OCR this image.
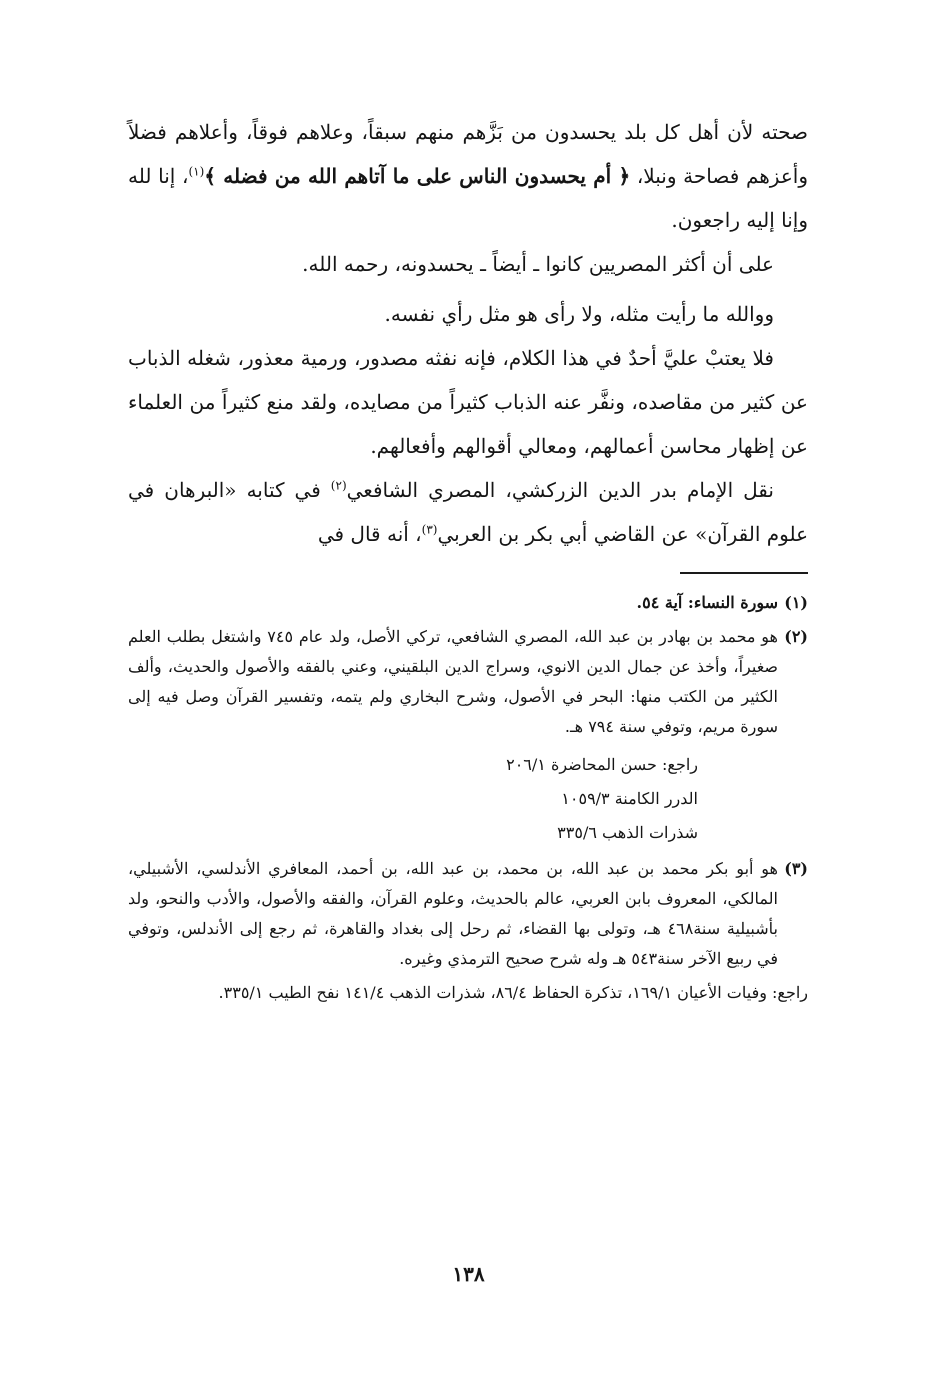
صحته لأن أهل كل بلد يحسدون من بَزَّهم منهم سبقاً، وعلاهم فوقاً، وأعلاهم فضلاً وأعزهم فصاحة ونبلا، ﴿ أم يحسدون الناس على ما آتاهم الله من فضله ﴾$^{(١)}$، إنا لله وإنا إليه راجعون.

على أن أكثر المصريين كانوا ـ أيضاً ـ يحسدونه، رحمه الله.

ووالله ما رأيت مثله، ولا رأى هو مثل رأي نفسه.

فلا يعتبْ عليَّ أحدٌ في هذا الكلام، فإنه نفثه مصدور، ورمية معذور، شغله الذباب عن كثير من مقاصده، ونفَّر عنه الذباب كثيراً من مصايده، ولقد منع كثيراً من العلماء عن إظهار محاسن أعمالهم، ومعالي أقوالهم وأفعالهم.

نقل الإمام بدر الدين الزركشي، المصري الشافعي$^{(٢)}$ في كتابه «البرهان في علوم القرآن» عن القاضي أبي بكر بن العربي$^{(٣)}$، أنه قال في

(١)

سورة النساء: آية ٥٤.

(٢)

هو محمد بن بهادر بن عبد الله، المصري الشافعي، تركي الأصل، ولد عام ٧٤٥ واشتغل بطلب العلم صغيراً، وأخذ عن جمال الدين الانوي، وسراج الدين البلقيني، وعني بالفقه والأصول والحديث، وألف الكثير من الكتب منها: البحر في الأصول، وشرح البخاري ولم يتمه، وتفسير القرآن وصل فيه إلى سورة مريم، وتوفي سنة ٧٩٤ هـ.

راجع: حسن المحاضرة ٢٠٦/١

الدرر الكامنة ١٠٥٩/٣

شذرات الذهب ٣٣٥/٦

(٣)

هو أبو بكر محمد بن عبد الله، بن محمد، بن عبد الله، بن أحمد، المعافري الأندلسي، الأشبيلي، المالكي، المعروف بابن العربي، عالم بالحديث، وعلوم القرآن، والفقه والأصول، والأدب والنحو، ولد بأشبيلية سنة٤٦٨ هـ، وتولى بها القضاء، ثم رحل إلى بغداد والقاهرة، ثم رجع إلى الأندلس، وتوفي في ربيع الآخر سنة٥٤٣ هـ وله شرح صحيح الترمذي وغيره.

راجع: وفيات الأعيان ١٦٩/١، تذكرة الحفاظ ٨٦/٤، شذرات الذهب ١٤١/٤ نفح الطيب ٣٣٥/١.

١٣٨
